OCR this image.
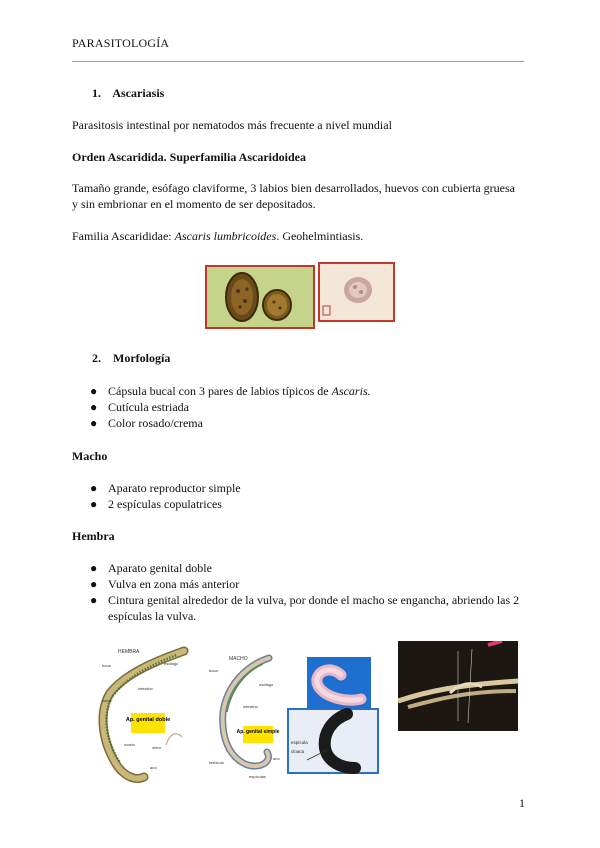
PARASITOLOGÍA
1. Ascariasis

Parasitosis intestinal por nematodos más frecuente a nivel mundial

Orden Ascaridida. Superfamilia Ascaridoidea

Tamaño grande, esófago claviforme, 3 labios bien desarrollados, huevos con cubierta gruesa

y sin embrionar en el momento de ser depositados.

Familia Ascarididae: Ascaris lumbricoides. Geohelmintiasis.

2. Morfología
● Cápsula bucal con 3 pares de labios típicos de Ascaris.
● Cutícula estriada
● Color rosado/crema

Macho

● Aparato reproductor simple
● 2 espículas copulatrices

Hembra

● Aparato genital doble
● Vulva en zona más anterior
● Cintura genital alrededor de la vulva, por donde el macho se engancha, abriendo las 2
espículas la vulva.
HEMBRA
Ap. genital doble
boca	esófago
intestino
vulva
ovario
útero
ano
MACHO
Ap. genital simple
boca
esófago
intestino
testículo
espículas
ano
espícula
cloaca
1
